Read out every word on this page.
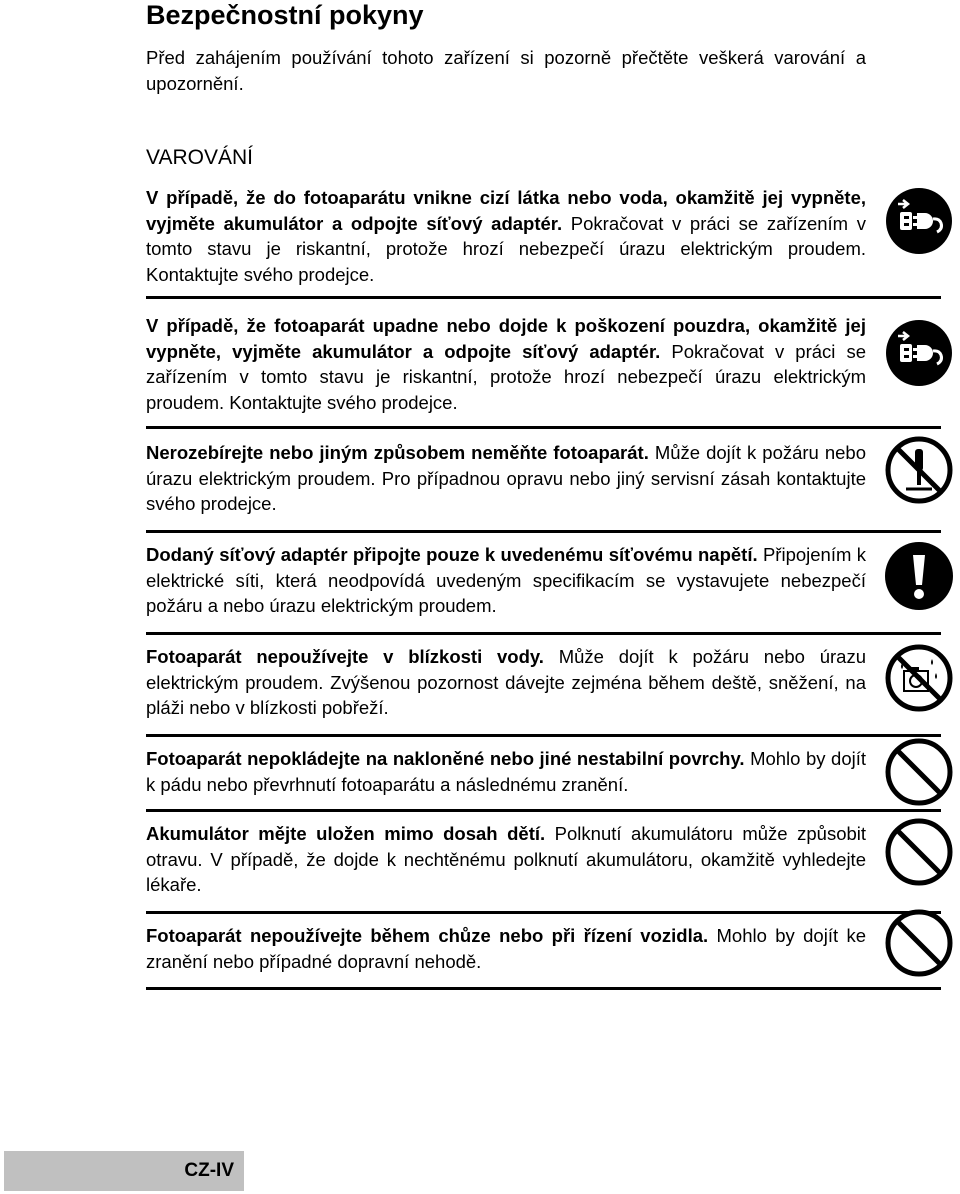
Bezpečnostní pokyny

Před zahájením používání tohoto zařízení si pozorně přečtěte veškerá varování a upozornění.

VAROVÁNÍ

V případě, že do fotoaparátu vnikne cizí látka nebo voda, okamžitě jej vypněte, vyjměte akumulátor a odpojte síťový adaptér. Pokračovat v práci se zařízením v tomto stavu je riskantní, protože hrozí nebezpečí úrazu elektrickým proudem. Kontaktujte svého prodejce.

V případě, že fotoaparát upadne nebo dojde k poškození pouzdra, okamžitě jej vypněte, vyjměte akumulátor a odpojte síťový adaptér. Pokračovat v práci se zařízením v tomto stavu je riskantní, protože hrozí nebezpečí úrazu elektrickým proudem. Kontaktujte svého prodejce.

Nerozebírejte nebo jiným způsobem neměňte fotoaparát. Může dojít k požáru nebo úrazu elektrickým proudem. Pro případnou opravu nebo jiný servisní zásah kontaktujte svého prodejce.

Dodaný síťový adaptér připojte pouze k uvedenému síťovému napětí. Připojením k elektrické síti, která neodpovídá uvedeným specifikacím se vystavujete nebezpečí požáru a nebo úrazu elektrickým proudem.

Fotoaparát nepoužívejte v blízkosti vody. Může dojít k požáru nebo úrazu elektrickým proudem. Zvýšenou pozornost dávejte zejména během deště, sněžení, na pláži nebo v blízkosti pobřeží.

Fotoaparát nepokládejte na nakloněné nebo jiné nestabilní povrchy. Mohlo by dojít k pádu nebo převrhnutí fotoaparátu a následnému zranění.

Akumulátor mějte uložen mimo dosah dětí. Polknutí akumulátoru může způsobit otravu. V případě, že dojde k nechtěnému polknutí akumulátoru, okamžitě vyhledejte lékaře.

Fotoaparát nepoužívejte během chůze nebo při řízení vozidla. Mohlo by dojít ke zranění nebo případné dopravní nehodě.

CZ-IV
